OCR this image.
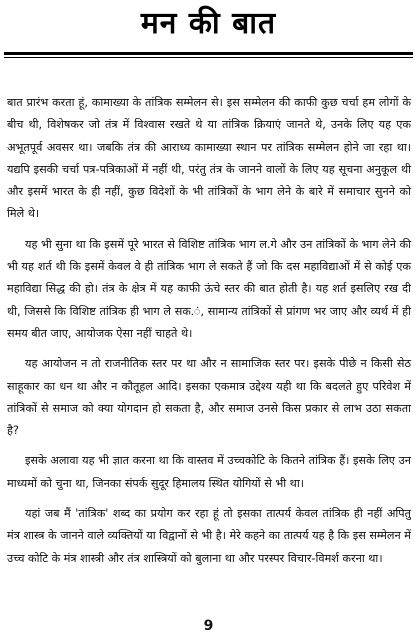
मन की बात

बात प्रारंभ करता हूं, कामाख्या के तांत्रिक सम्मेलन से। इस सम्मेलन की काफी कुछ चर्चा हम लोगों के बीच थी, विशेषकर जो तंत्र में विश्वास रखते थे या तांत्रिक क्रियाएं जानते थे, उनके लिए यह एक अभूतपूर्व अवसर था। जबकि तंत्र की आराध्य कामाख्या स्थान पर तांत्रिक सम्मेलन होने जा रहा था। यद्यपि इसकी चर्चा पत्र-पत्रिकाओं में नहीं थी, परंतु तंत्र के जानने वालों के लिए यह सूचना अनुकूल थी और इसमें भारत के ही नहीं, कुछ विदेशों के भी तांत्रिकों के भाग लेने के बारे में समाचार सुनने को मिले थे।

यह भी सुना था कि इसमें पूरे भारत से विशिष्ट तांत्रिक भाग ल.गे और उन तांत्रिकों के भाग लेने की भी यह शर्त थी कि इसमें केवल वे ही तांत्रिक भाग ले सकते हैं जो कि दस महाविद्याओं में से कोई एक महाविद्या सिद्ध की हो। तंत्र के क्षेत्र में यह काफी ऊंचे स्तर की बात होती है। यह शर्त इसलिए रख दी थी, जिससे कि विशिष्ट तांत्रिक ही भाग ले सक.ं, सामान्य तांत्रिकों से प्रांगण भर जाए और व्यर्थ में ही समय बीत जाए, आयोजक ऐसा नहीं चाहते थे।

यह आयोजन न तो राजनीतिक स्तर पर था और न सामाजिक स्तर पर। इसके पीछे न किसी सेठ साहूकार का धन था और न कौतूहल आदि। इसका एकमात्र उद्देश्य यही था कि बदलते हुए परिवेश में तांत्रिकों से समाज को क्या योगदान हो सकता है, और समाज उनसे किस प्रकार से लाभ उठा सकता है?

इसके अलावा यह भी ज्ञात करना था कि वास्तव में उच्चकोटि के कितने तांत्रिक हैं। इसके लिए उन माध्यमों को चुना था, जिनका संपर्क सुदूर हिमालय स्थित योगियों से भी था।

यहां जब मैं 'तांत्रिक' शब्द का प्रयोग कर रहा हूं तो इसका तात्पर्य केवल तांत्रिक ही नहीं अपितु मंत्र शास्त्र के जानने वाले व्यक्तियों या विद्वानों से भी है। मेरे कहने का तात्पर्य यह है कि इस सम्मेलन में उच्च कोटि के मंत्र शास्त्री और तंत्र शास्त्रियों को बुलाना था और परस्पर विचार-विमर्श करना था।

9
